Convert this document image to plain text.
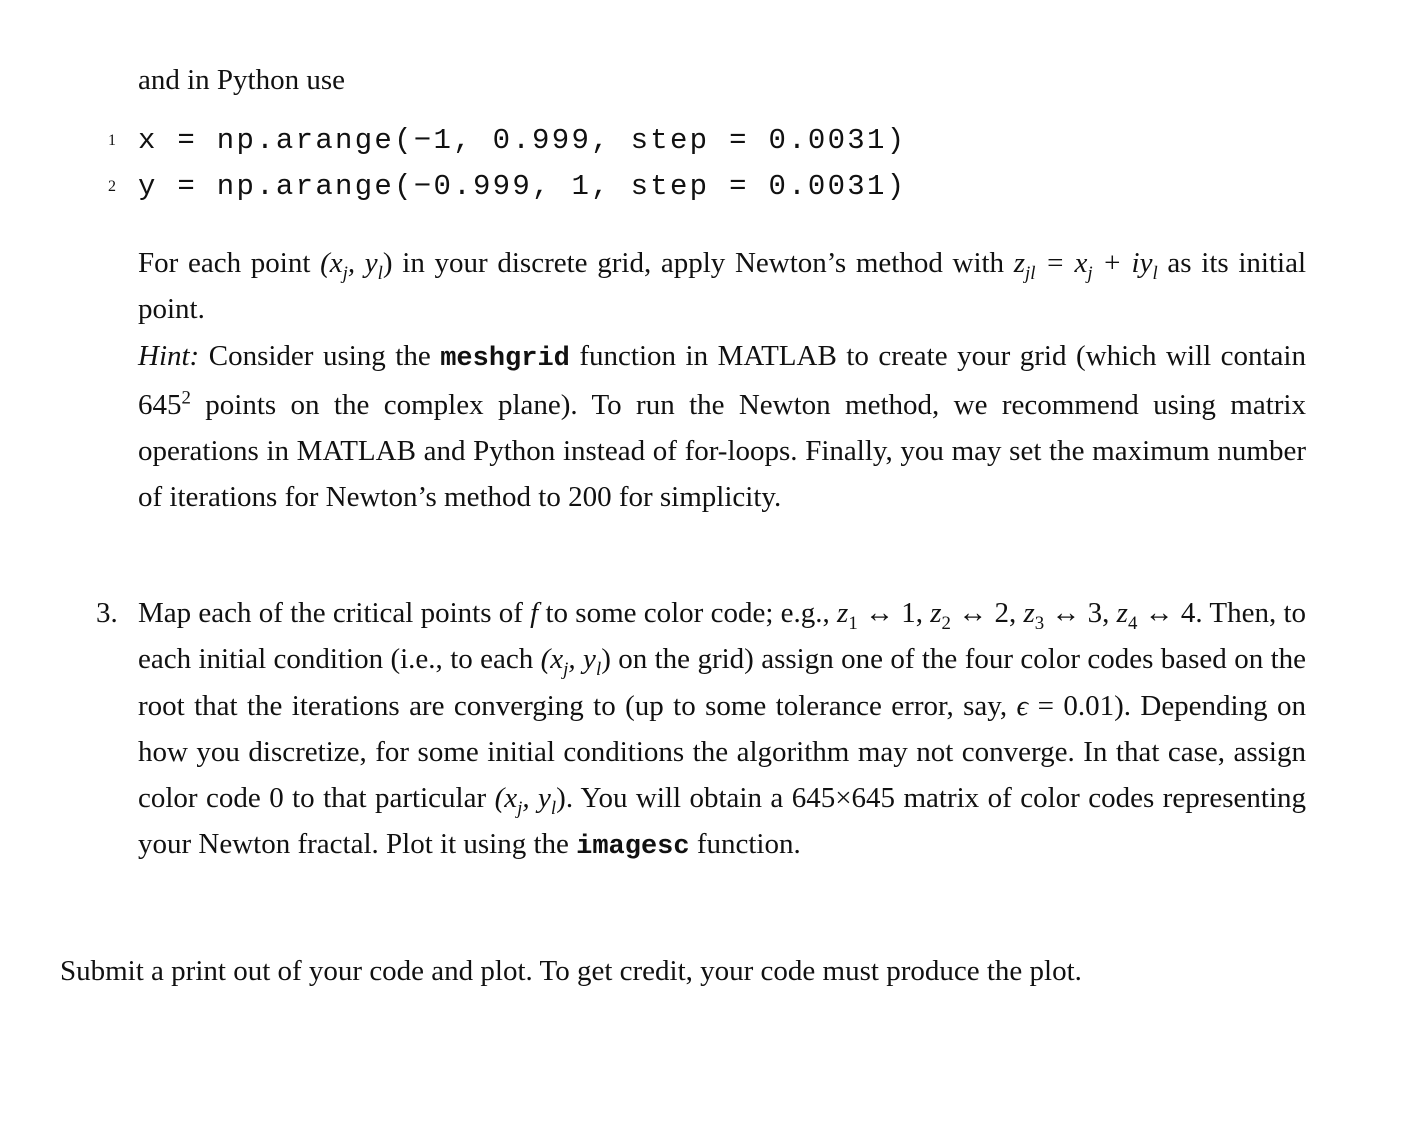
and in Python use
1 x = np.arange(−1, 0.999, step = 0.0031)
2 y = np.arange(−0.999, 1, step = 0.0031)
For each point ($x_j$, $y_l$) in your discrete grid, apply Newton’s method with $z_{jl} = x_j + iy_l$ as its initial point.
Hint: Consider using the meshgrid function in MATLAB to create your grid (which will contain $645^2$ points on the complex plane). To run the Newton method, we recommend using matrix operations in MATLAB and Python instead of for-loops. Finally, you may set the maximum number of iterations for Newton’s method to 200 for simplicity.
3. Map each of the critical points of f to some color code; e.g., $z_1$ ↔ 1, $z_2$ ↔ 2, $z_3$ ↔ 3, $z_4$ ↔ 4. Then, to each initial condition (i.e., to each ($x_j$, $y_l$) on the grid) assign one of the four color codes based on the root that the iterations are converging to (up to some tolerance error, say, ϵ = 0.01). Depending on how you discretize, for some initial conditions the algorithm may not converge. In that case, assign color code 0 to that particular ($x_j$, $y_l$). You will obtain a 645×645 matrix of color codes representing your Newton fractal. Plot it using the imagesc function.
Submit a print out of your code and plot. To get credit, your code must produce the plot.
